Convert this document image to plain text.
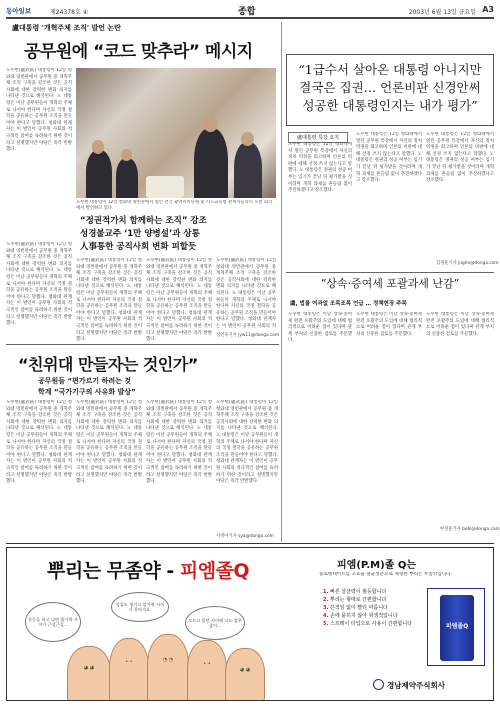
동아일보	제24378호 ④	종합	2003년 6월 13일 금요일 A3
盧대통령 '개혁주체 조직' 발언 논란
공무원에 “코드 맞추라” 메시지
노무현(盧武鉉) 대통령이 12일 청와대 영빈관에서 공무원 중 개혁주체 조직 구축을 강조한 것은 공직사회에 대한 강력한 변화 의지를 나타낸 것으로 해석된다. 노 대통령은 이날 공무원들이 개혁의 주체로 나서야 한다며 자신의 국정 철학을 공유하는 공무원 조직을 만들어야 한다고 말했다. 청와대 관계자는 이 발언이 공무원 사회의 적극적인 참여를 독려하기 위한 것이라고 설명했지만 야당은 즉각 반발했다.
노무현 대통령이 12일 청와대 영빈관에서 열린 전국 광역자치단체 및 시도교육청 관계자들과의 오찬 회의에서 발언하고 있다.
“정권적가치 함께하는 조직” 강조
성경불교주 ‘1만 양병설’과 상통
人事통한 공직사회 변화 피할듯
노무현(盧武鉉) 대통령이 12일 청와대 영빈관에서 공무원 중 개혁주체 조직 구축을 강조한 것은 공직사회에 대한 강력한 변화 의지를 나타낸 것으로 해석된다. 노 대통령은 이날 공무원들이 개혁의 주체로 나서야 한다며 자신의 국정 철학을 공유하는 공무원 조직을 만들어야 한다고 말했다. 청와대 관계자는 이 발언이 공무원 사회의 적극적인 참여를 독려하기 위한 것이라고 설명했지만 야당은 즉각 반발했다.
노무현(盧武鉉) 대통령이 12일 청와대 영빈관에서 공무원 중 개혁주체 조직 구축을 강조한 것은 공직사회에 대한 강력한 변화 의지를 나타낸 것으로 해석된다. 노 대통령은 이날 공무원들이 개혁의 주체로 나서야 한다며 자신의 국정 철학을 공유하는 공무원 조직을 만들어야 한다고 말했다. 청와대 관계자는 이 발언이 공무원 사회의 적극적인 참여를 독려하기 위한 것이라고 설명했지만 야당은 즉각 반발했다.
노무현(盧武鉉) 대통령이 12일 청와대 영빈관에서 공무원 중 개혁주체 조직 구축을 강조한 것은 공직사회에 대한 강력한 변화 의지를 나타낸 것으로 해석된다. 노 대통령은 이날 공무원들이 개혁의 주체로 나서야 한다며 자신의 국정 철학을 공유하는 공무원 조직을 만들어야 한다고 말했다. 청와대 관계자는 이 발언이 공무원 사회의 적극적인 참여를 독려하기 위한 것이라고 설명했지만 야당은 즉각 반발했다.
노무현(盧武鉉) 대통령이 12일 청와대 영빈관에서 공무원 중 개혁주체 조직 구축을 강조한 것은 공직사회에 대한 강력한 변화 의지를 나타낸 것으로 해석된다. 노 대통령은 이날 공무원들이 개혁의 주체로 나서야 한다며 자신의 국정 철학을 공유하는 공무원 조직을 만들어야 한다고 말했다. 청와대 관계자는 이 발언이 공무원 사회의 적
정연욱기자 jyw11@donga.com
“1급수서 살아온 대통령 아니지만
결국은 집권… 언론비판 신경안써
성공한 대통령인지는 내가 평가”
盧대통령 특강 요지
노무현 대통령은 12일 청와대에서 열린 공무원 특강에서 자신의 정치 역정을 회고하며 언론의 비판에 대해 신경 쓰지 않는다고 말했다. 노 대통령은 정권의 성공 여부는 임기가 끝난 뒤 평가받을 것이라며 개혁 과제를 흔들림 없이 추진하겠다고 강조했다.
노무현 대통령은 12일 청와대에서 열린 공무원 특강에서 자신의 정치 역정을 회고하며 언론의 비판에 대해 신경 쓰지 않는다고 말했다. 노 대통령은 정권의 성공 여부는 임기가 끝난 뒤 평가받을 것이라며 개혁 과제를 흔들림 없이 추진하겠다고 강조했다.
노무현 대통령은 12일 청와대에서 열린 공무원 특강에서 자신의 정치 역정을 회고하며 언론의 비판에 대해 신경 쓰지 않는다고 말했다. 노 대통령은 정권의 성공 여부는 임기가 끝난 뒤 평가받을 것이라며 개혁 과제를 흔들림 없이 추진하겠다고 강조했다.
김정훈기자 jnghn@donga.com
“친위대 만들자는 것인가”
공무원들 “편가르기 하려는 것
학계 “국가기구의 사유화 발상”
노무현(盧武鉉) 대통령이 12일 청와대 영빈관에서 공무원 중 개혁주체 조직 구축을 강조한 것은 공직사회에 대한 강력한 변화 의지를 나타낸 것으로 해석된다. 노 대통령은 이날 공무원들이 개혁의 주체로 나서야 한다며 자신의 국정 철학을 공유하는 공무원 조직을 만들어야 한다고 말했다. 청와대 관계자는 이 발언이 공무원 사회의 적극적인 참여를 독려하기 위한 것이라고 설명했지만 야당은 즉각 반발했다.
노무현(盧武鉉) 대통령이 12일 청와대 영빈관에서 공무원 중 개혁주체 조직 구축을 강조한 것은 공직사회에 대한 강력한 변화 의지를 나타낸 것으로 해석된다. 노 대통령은 이날 공무원들이 개혁의 주체로 나서야 한다며 자신의 국정 철학을 공유하는 공무원 조직을 만들어야 한다고 말했다. 청와대 관계자는 이 발언이 공무원 사회의 적극적인 참여를 독려하기 위한 것이라고 설명했지만 야당은 즉각 반발했다.
노무현(盧武鉉) 대통령이 12일 청와대 영빈관에서 공무원 중 개혁주체 조직 구축을 강조한 것은 공직사회에 대한 강력한 변화 의지를 나타낸 것으로 해석된다. 노 대통령은 이날 공무원들이 개혁의 주체로 나서야 한다며 자신의 국정 철학을 공유하는 공무원 조직을 만들어야 한다고 말했다. 청와대 관계자는 이 발언이 공무원 사회의 적극적인 참여를 독려하기 위한 것이라고 설명했지만 야당은 즉각 반발했다.
노무현(盧武鉉) 대통령이 12일 청와대 영빈관에서 공무원 중 개혁주체 조직 구축을 강조한 것은 공직사회에 대한 강력한 변화 의지를 나타낸 것으로 해석된다. 노 대통령은 이날 공무원들이 개혁의 주체로 나서야 한다며 자신의 국정 철학을 공유하는 공무원 조직을 만들어야 한다고 말했다. 청와대 관계자는 이 발언이 공무원 사회의 적극적인 참여를 독려하기 위한 것이라고 설명했지만 야당은 즉각 반발했다.
서영아기자 sya@donga.com
“상속·증여세 포괄과세 난감”
盧, 법률 여과없 조목조목 언급 … 정책현장 주목
노무현 대통령은 이날 상속·증여세 완전 포괄주의 도입에 대해 법리적으로 어려운 점이 있다며 관계 부처의 신중한 검토를 주문했다.
노무현 대통령은 이날 상속·증여세 완전 포괄주의 도입에 대해 법리적으로 어려운 점이 있다며 관계 부처의 신중한 검토를 주문했다.
노무현 대통령은 이날 상속·증여세 완전 포괄주의 도입에 대해 법리적으로 어려운 점이 있다며 관계 부처의 신중한 검토를 주문했다.
한정훈기자 bebl@donga.com
뿌리는 무좀약 - 피엠졸Q
운동을 하고 나면 발가락 사이가 근질근질...
물집도 생기고 발가락 사이가 갈라져요.
모르고 있던 사이에 나도 발무좀이...
◕ ◕
• •	◔ ◔
• •
◕ ◕
피엠(P.M)졸 Q는
플로렌테이트를 고효율 살균성분으로 제형한 뿌리는 무좀약입니다.
1. 빠른 살균력이 월등합니다
2. 뿌리는 형태로 간편합니다
3. 끈적임 없이 빨리 마릅니다
4. 손에 묻히지 않아 위생적입니다
5. 스프레이 타입으로 사용이 간편합니다	피엠졸Q
경남제약주식회사
